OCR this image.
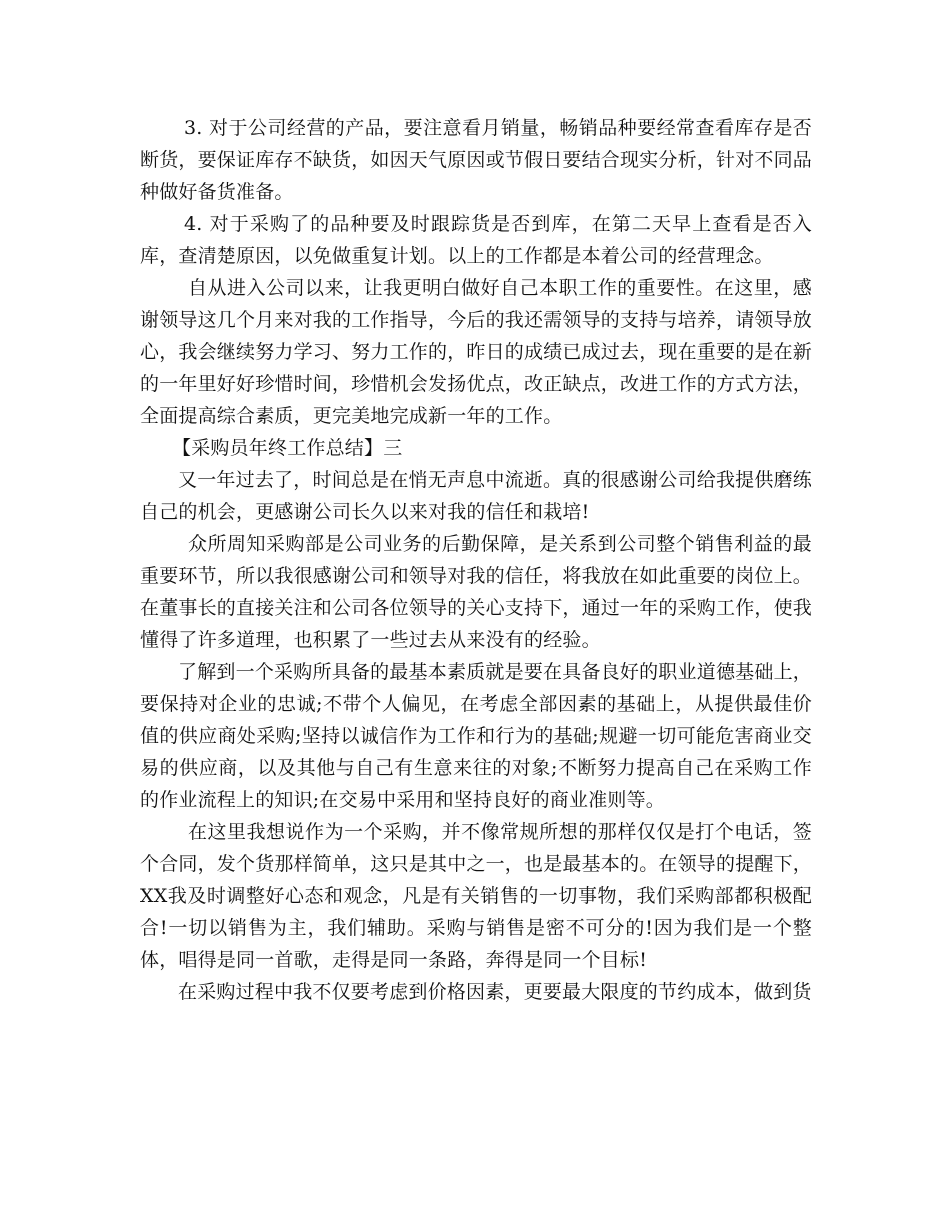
3. 对于公司经营的产品，要注意看月销量，畅销品种要经常查看库存是否断货，要保证库存不缺货，如因天气原因或节假日要结合现实分析，针对不同品种做好备货准备。

4. 对于采购了的品种要及时跟踪货是否到库，在第二天早上查看是否入库，查清楚原因，以免做重复计划。以上的工作都是本着公司的经营理念。

自从进入公司以来，让我更明白做好自己本职工作的重要性。在这里，感谢领导这几个月来对我的工作指导，今后的我还需领导的支持与培养，请领导放心，我会继续努力学习、努力工作的，昨日的成绩已成过去，现在重要的是在新的一年里好好珍惜时间，珍惜机会发扬优点，改正缺点，改进工作的方式方法，全面提高综合素质，更完美地完成新一年的工作。

【采购员年终工作总结】三

又一年过去了，时间总是在悄无声息中流逝。真的很感谢公司给我提供磨练自己的机会，更感谢公司长久以来对我的信任和栽培!

众所周知采购部是公司业务的后勤保障，是关系到公司整个销售利益的最重要环节，所以我很感谢公司和领导对我的信任，将我放在如此重要的岗位上。在董事长的直接关注和公司各位领导的关心支持下，通过一年的采购工作，使我懂得了许多道理，也积累了一些过去从来没有的经验。

了解到一个采购所具备的最基本素质就是要在具备良好的职业道德基础上，要保持对企业的忠诚;不带个人偏见，在考虑全部因素的基础上，从提供最佳价值的供应商处采购;坚持以诚信作为工作和行为的基础;规避一切可能危害商业交易的供应商，以及其他与自己有生意来往的对象;不断努力提高自己在采购工作的作业流程上的知识;在交易中采用和坚持良好的商业准则等。

在这里我想说作为一个采购，并不像常规所想的那样仅仅是打个电话，签个合同，发个货那样简单，这只是其中之一，也是最基本的。在领导的提醒下，XX我及时调整好心态和观念，凡是有关销售的一切事物，我们采购部都积极配合!一切以销售为主，我们辅助。采购与销售是密不可分的!因为我们是一个整体，唱得是同一首歌，走得是同一条路，奔得是同一个目标!

在采购过程中我不仅要考虑到价格因素，更要最大限度的节约成本，做到货
